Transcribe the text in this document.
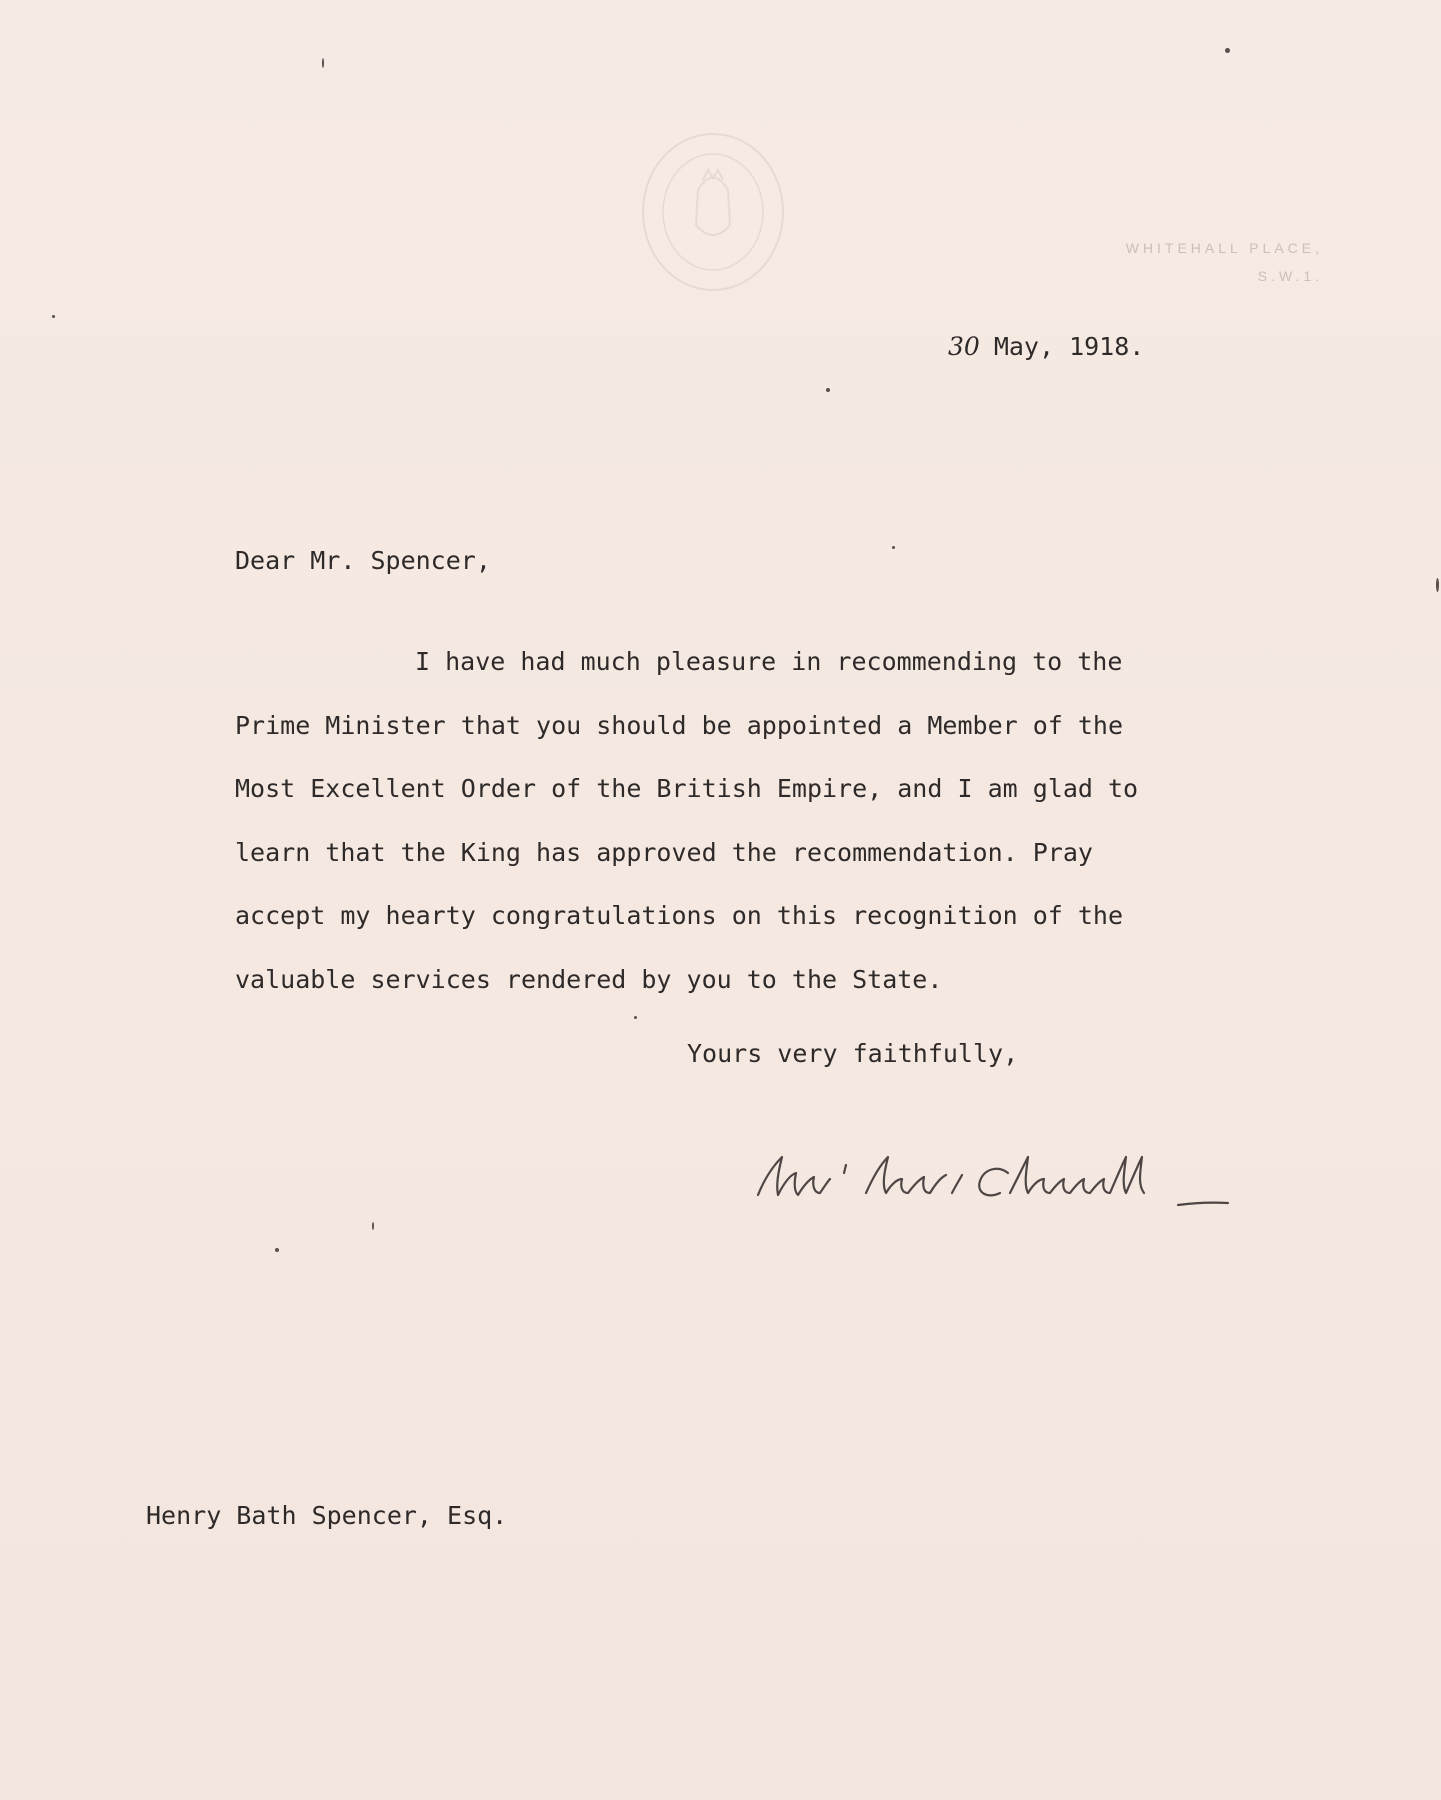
WHITEHALL PLACE,
S.W.1.
30 May, 1918.
Dear Mr. Spencer,
I have had much pleasure in recommending to the
Prime Minister that you should be appointed a Member of the
Most Excellent Order of the British Empire, and I am glad to
learn that the King has approved the recommendation. Pray
accept my hearty congratulations on this recognition of the
valuable services rendered by you to the State.
Yours very faithfully,
Henry Bath Spencer, Esq.
